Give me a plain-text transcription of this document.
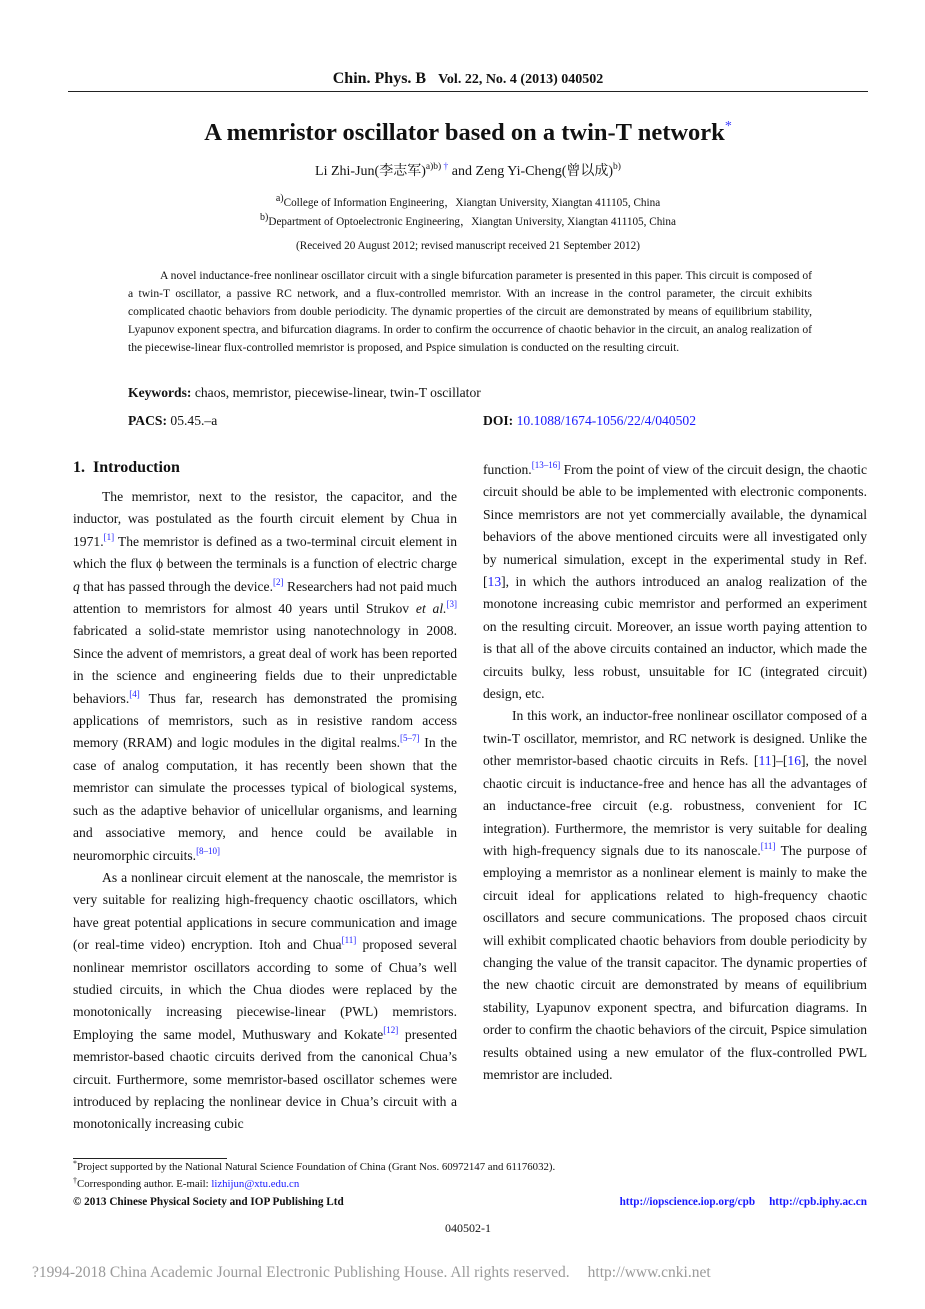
Chin. Phys. B Vol. 22, No. 4 (2013) 040502
A memristor oscillator based on a twin-T network*
Li Zhi-Jun(李志军)$^{a)b) \dagger}$ and Zeng Yi-Cheng(曾以成)$^{b)}$
$^{a)}$College of Information Engineering，Xiangtan University, Xiangtan 411105, China
$^{b)}$Department of Optoelectronic Engineering，Xiangtan University, Xiangtan 411105, China
(Received 20 August 2012; revised manuscript received 21 September 2012)
A novel inductance-free nonlinear oscillator circuit with a single bifurcation parameter is presented in this paper. This circuit is composed of a twin-T oscillator, a passive RC network, and a flux-controlled memristor. With an increase in the control parameter, the circuit exhibits complicated chaotic behaviors from double periodicity. The dynamic properties of the circuit are demonstrated by means of equilibrium stability, Lyapunov exponent spectra, and bifurcation diagrams. In order to confirm the occurrence of chaotic behavior in the circuit, an analog realization of the piecewise-linear flux-controlled memristor is proposed, and Pspice simulation is conducted on the resulting circuit.
Keywords: chaos, memristor, piecewise-linear, twin-T oscillator
PACS: 05.45.–a	DOI: 10.1088/1674-1056/22/4/040502
1. Introduction

The memristor, next to the resistor, the capacitor, and the inductor, was postulated as the fourth circuit element by Chua in 1971.[1] The memristor is defined as a two-terminal circuit element in which the flux ϕ between the terminals is a function of electric charge q that has passed through the device.[2] Researchers had not paid much attention to memristors for almost 40 years until Strukov et al.[3] fabricated a solid-state memristor using nanotechnology in 2008. Since the advent of memristors, a great deal of work has been reported in the science and engineering fields due to their unpredictable behaviors.[4] Thus far, research has demonstrated the promising applications of memristors, such as in resistive random access memory (RRAM) and logic modules in the digital realms.[5–7] In the case of analog computation, it has recently been shown that the memristor can simulate the processes typical of biological systems, such as the adaptive behavior of unicellular organisms, and learning and associative memory, and hence could be available in neuromorphic circuits.[8–10]

As a nonlinear circuit element at the nanoscale, the memristor is very suitable for realizing high-frequency chaotic oscillators, which have great potential applications in secure communication and image (or real-time video) encryption. Itoh and Chua[11] proposed several nonlinear memristor oscillators according to some of Chua’s well studied circuits, in which the Chua diodes were replaced by the monotonically increasing piecewise-linear (PWL) memristors. Employing the same model, Muthuswary and Kokate[12] presented memristor-based chaotic circuits derived from the canonical Chua’s circuit. Furthermore, some memristor-based oscillator schemes were introduced by replacing the nonlinear device in Chua’s circuit with a monotonically increasing cubic

function.[13–16] From the point of view of the circuit design, the chaotic circuit should be able to be implemented with electronic components. Since memristors are not yet commercially available, the dynamical behaviors of the above mentioned circuits were all investigated only by numerical simulation, except in the experimental study in Ref. [13], in which the authors introduced an analog realization of the monotone increasing cubic memristor and performed an experiment on the resulting circuit. Moreover, an issue worth paying attention to is that all of the above circuits contained an inductor, which made the circuits bulky, less robust, unsuitable for IC (integrated circuit) design, etc.

In this work, an inductor-free nonlinear oscillator composed of a twin-T oscillator, memristor, and RC network is designed. Unlike the other memristor-based chaotic circuits in Refs. [11]–[16], the novel chaotic circuit is inductance-free and hence has all the advantages of an inductance-free circuit (e.g. robustness, convenient for IC integration). Furthermore, the memristor is very suitable for dealing with high-frequency signals due to its nanoscale.[11] The purpose of employing a memristor as a nonlinear element is mainly to make the circuit ideal for applications related to high-frequency chaotic oscillators and secure communications. The proposed chaos circuit will exhibit complicated chaotic behaviors from double periodicity by changing the value of the transit capacitor. The dynamic properties of the new chaotic circuit are demonstrated by means of equilibrium stability, Lyapunov exponent spectra, and bifurcation diagrams. In order to confirm the chaotic behaviors of the circuit, Pspice simulation results obtained using a new emulator of the flux-controlled PWL memristor are included.

*Project supported by the National Natural Science Foundation of China (Grant Nos. 60972147 and 61176032).
†Corresponding author. E-mail: lizhijun@xtu.edu.cn
© 2013 Chinese Physical Society and IOP Publishing Ltd	http://iopscience.iop.org/cpb http://cpb.iphy.ac.cn
040502-1
?1994-2018 China Academic Journal Electronic Publishing House. All rights reserved. http://www.cnki.net
